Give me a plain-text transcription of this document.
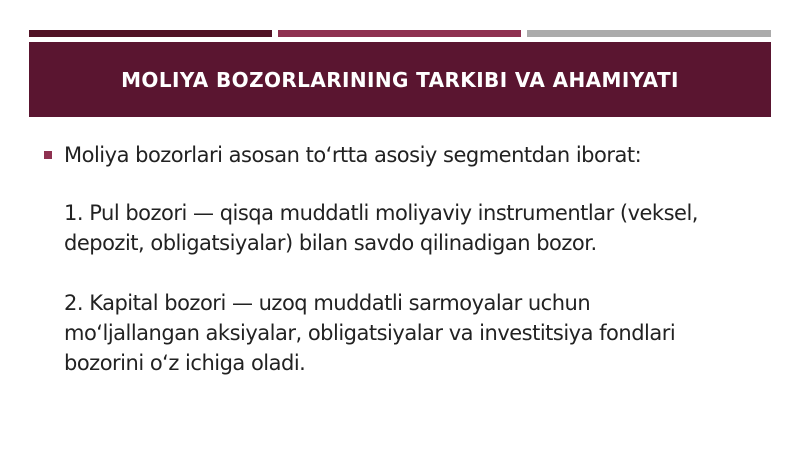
MOLIYA BOZORLARINING TARKIBI VA AHAMIYATI

Moliya bozorlari asosan to‘rtta asosiy segmentdan iborat:

1. Pul bozori — qisqa muddatli moliyaviy instrumentlar (veksel,

depozit, obligatsiyalar) bilan savdo qilinadigan bozor.

2. Kapital bozori — uzoq muddatli sarmoyalar uchun

mo‘ljallangan aksiyalar, obligatsiyalar va investitsiya fondlari

bozorini o‘z ichiga oladi.
